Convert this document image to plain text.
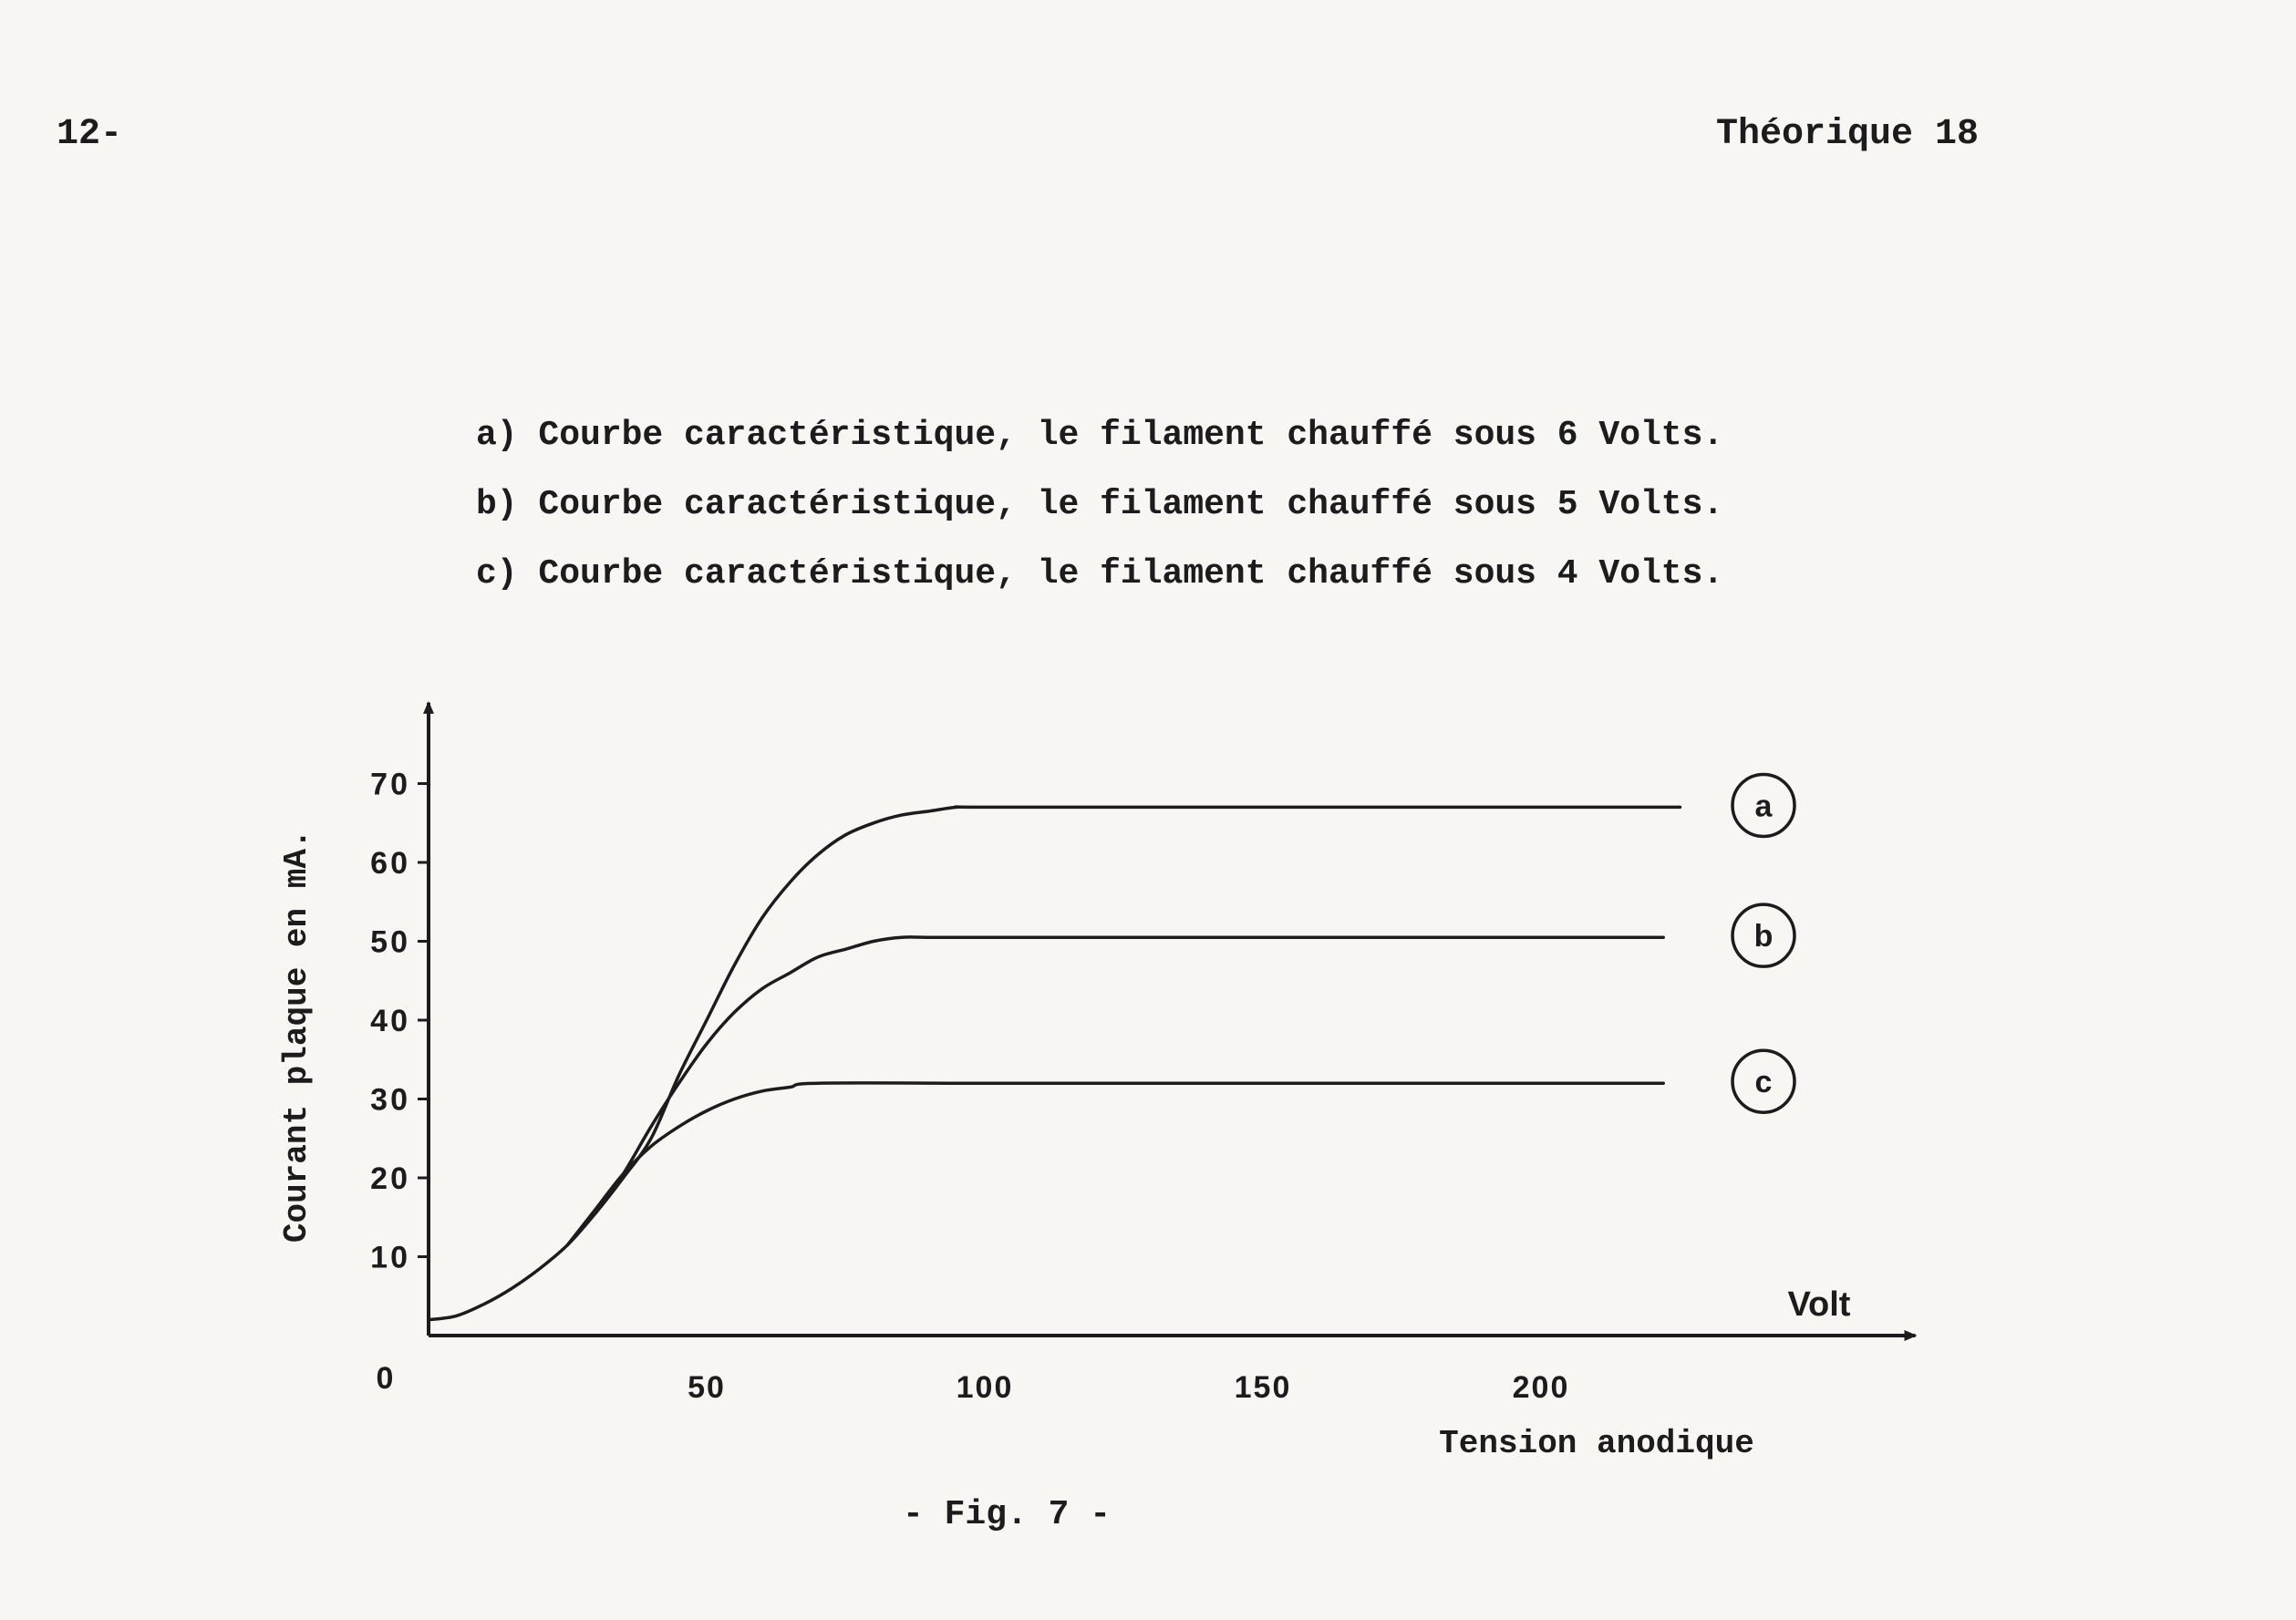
12-	Théorique 18
a) Courbe caractéristique, le filament chauffé sous 6 Volts.
b) Courbe caractéristique, le filament chauffé sous 5 Volts.
c) Courbe caractéristique, le filament chauffé sous 4 Volts.
10
20
30
40
50
60
70
50	100	150	200
0
Volt
Tension anodique
Courant plaque en mA.
a
b
c
- Fig. 7 -
